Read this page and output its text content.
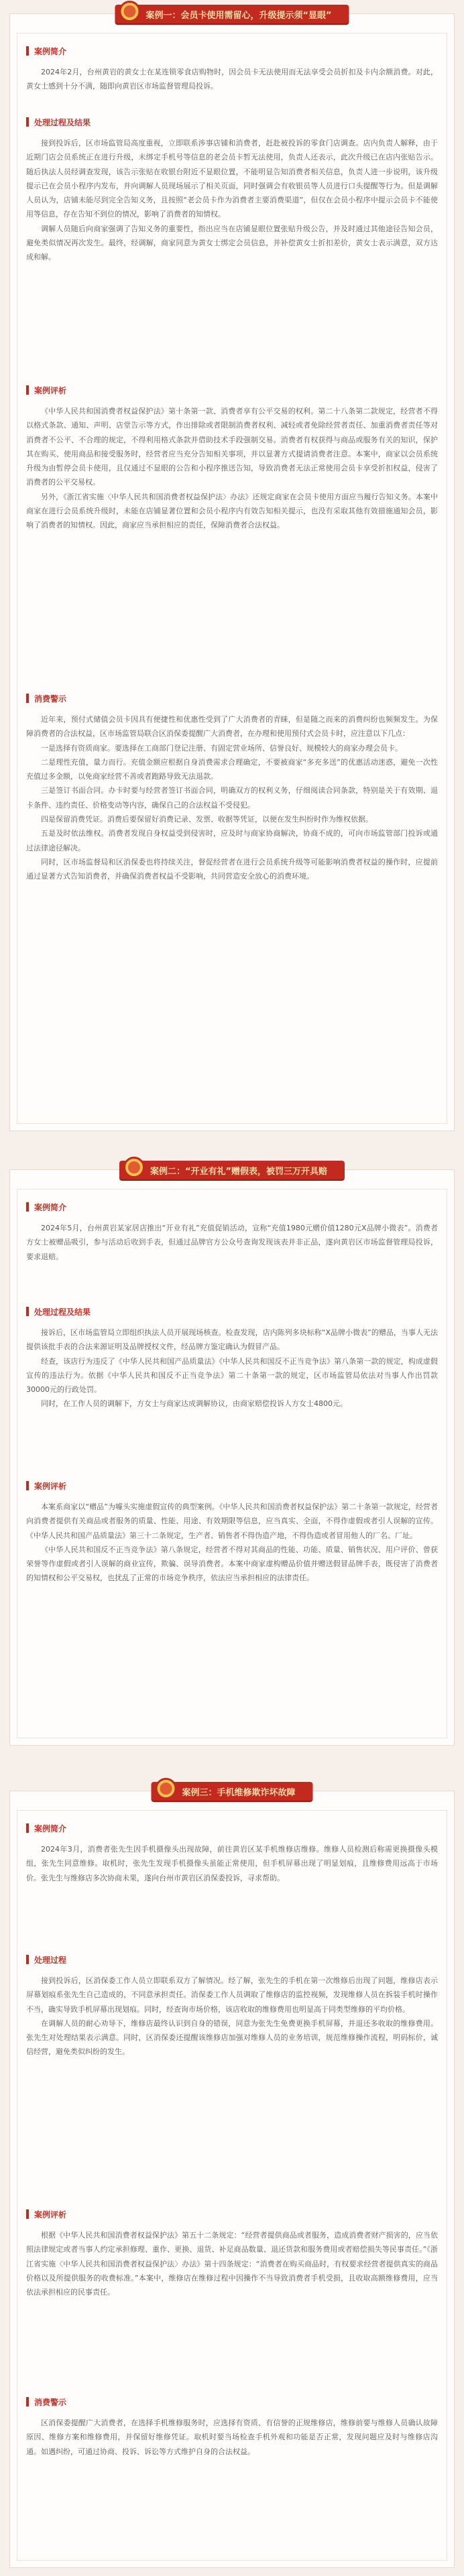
案例一：会员卡使用需留心，升级提示须“显眼”
案例简介

2024年2月，台州黄岩的黄女士在某连锁零食店购物时，因会员卡无法使用而无法享受会员折扣及卡内余额消费。对此，黄女士感到十分不满，随即向黄岩区市场监督管理局投诉。

处理过程及结果

接到投诉后，区市场监管局高度重视，立即联系涉事店铺和消费者，赶赴被投诉的零食门店调查。店内负责人解释，由于近期门店会员系统正在进行升级，未绑定手机号等信息的老会员卡暂无法使用，负责人还表示，此次升级已在店内张贴告示。随后执法人员经调查发现，该告示张贴在收银台附近不显眼位置，不能明显告知消费者相关信息，负责人进一步说明，该升级提示已在会员小程序内发布，并向调解人员现场展示了相关页面，同时强调会有收银员等人员进行口头提醒等行为。但是调解人员认为，店铺未能尽到完全告知义务，且按照“老会员卡作为消费者主要消费渠道”，但仅在会员小程序中提示会员卡不能使用等信息，存在告知不到位的情况，影响了消费者的知情权。

调解人员随后向商家强调了告知义务的重要性，指出应当在店铺显眼位置张贴升级公告，并及时通过其他途径告知会员，避免类似情况再次发生。最终，经调解，商家同意为黄女士绑定会员信息，并补偿黄女士折扣差价，黄女士表示满意，双方达成和解。

案例评析

《中华人民共和国消费者权益保护法》第十条第一款、消费者享有公平交易的权利。第二十八条第二款规定，经营者不得以格式条款、通知、声明、店堂告示等方式，作出排除或者限制消费者权利、减轻或者免除经营者责任、加重消费者责任等对消费者不公平、不合理的规定，不得利用格式条款并借助技术手段强制交易。消费者有权获得与商品或服务有关的知识，保护其在购买、使用商品和接受服务时，经营者应当充分告知相关事项，并以显著方式提请消费者注意。本案中，商家以会员系统升级为由暂停会员卡使用，且仅通过不显眼的公告和小程序推送告知，导致消费者无法正常使用会员卡享受折扣权益，侵害了消费者的公平交易权。

另外，《浙江省实施〈中华人民共和国消费者权益保护法〉办法》还规定商家在会员卡使用方面应当履行告知义务。本案中商家在进行会员系统升级时，未能在店铺显著位置和会员小程序内有效告知相关提示，也没有采取其他有效措施通知会员，影响了消费者的知情权。因此，商家应当承担相应的责任，保障消费者合法权益。

消费警示

近年来，预付式储值会员卡因具有便捷性和优惠性受到了广大消费者的青睐，但是随之而来的消费纠纷也频频发生。为保障消费者的合法权益，区市场监管局联合区消保委提醒广大消费者，在办理和使用预付式会员卡时，应注意以下几点：

一是选择有资质商家。要选择在工商部门登记注册、有固定营业场所、信誉良好、规模较大的商家办理会员卡。

二是理性充值，量力而行。充值金额应根据自身消费需求合理确定，不要被商家“多充多送”的优惠活动迷惑，避免一次性充值过多金额，以免商家经营不善或者跑路导致无法退款。

三是签订书面合同。办卡时要与经营者签订书面合同，明确双方的权利义务，仔细阅读合同条款，特别是关于有效期、退卡条件、违约责任、价格变动等内容，确保自己的合法权益不受侵犯。

四是保留消费凭证。消费后要保留好消费记录、发票、收据等凭证，以便在发生纠纷时作为维权依据。

五是及时依法维权。消费者发现自身权益受到侵害时，应及时与商家协商解决，协商不成的，可向市场监管部门投诉或通过法律途径解决。

同时，区市场监督局和区消保委也将持续关注，督促经营者在进行会员系统升级等可能影响消费者权益的操作时，应提前通过显著方式告知消费者，并确保消费者权益不受影响，共同营造安全放心的消费环境。

案例二：“开业有礼”赠假表，被罚三万开具赔
案例简介

2024年5月，台州黄岩某家居店推出“开业有礼”充值促销活动，宣称“充值1980元赠价值1280元X品牌小微表”。消费者方女士被赠品吸引，参与活动后收到手表，但通过品牌官方公众号查询发现该表并非正品，遂向黄岩区市场监督管理局投诉，要求退赔。

处理过程及结果

接诉后，区市场监管局立即组织执法人员开展现场核查。检查发现，店内陈列多块标称“X品牌小微表”的赠品，当事人无法提供该批手表的合法来源证明及品牌授权文件，经品牌方鉴定确认为假冒产品。

经查，该店行为违反了《中华人民共和国产品质量法》《中华人民共和国反不正当竞争法》第八条第一款的规定，构成虚假宣传的违法行为。依据《中华人民共和国反不正当竞争法》第二十条第一款的规定，区市场监管局依法对当事人作出罚款30000元的行政处罚。

同时，在工作人员的调解下，方女士与商家达成调解协议，由商家赔偿投诉人方女士4800元。

案例评析

本案系商家以“赠品”为噱头实施虚假宣传的典型案例。《中华人民共和国消费者权益保护法》第二十条第一款规定，经营者向消费者提供有关商品或者服务的质量、性能、用途、有效期限等信息，应当真实、全面，不得作虚假或者引人误解的宣传。《中华人民共和国产品质量法》第三十二条规定，生产者、销售者不得伪造产地，不得伪造或者冒用他人的厂名、厂址。

《中华人民共和国反不正当竞争法》第八条规定，经营者不得对其商品的性能、功能、质量、销售状况、用户评价、曾获荣誉等作虚假或者引人误解的商业宣传，欺骗、误导消费者。本案中商家虚构赠品价值并赠送假冒品牌手表，既侵害了消费者的知情权和公平交易权，也扰乱了正常的市场竞争秩序，依法应当承担相应的法律责任。

案例三：手机维修欺诈坏故障
案例简介

2024年3月，消费者张先生因手机摄像头出现故障，前往黄岩区某手机维修店维修。维修人员检测后称需更换摄像头模组，张先生同意维修。取机时，张先生发现手机摄像头虽能正常使用，但手机屏幕出现了明显划痕，且维修费用远高于市场价。张先生与维修店多次协商未果，遂向台州市黄岩区消保委投诉，寻求帮助。

处理过程

接到投诉后，区消保委工作人员立即联系双方了解情况。经了解，张先生的手机在第一次维修后出现了问题，维修店表示屏幕划痕系张先生自己造成的，不同意承担责任。消保委工作人员调取了维修店的监控视频，发现维修人员在拆装手机时操作不当，确实导致手机屏幕出现划痕。同时，经查询市场价格，该店收取的维修费用也明显高于同类型维修的平均价格。

在调解人员的耐心劝导下，维修店最终认识到自身的错误，同意为张先生免费更换手机屏幕，并退还多收取的维修费用。张先生对处理结果表示满意。同时，区消保委还提醒该维修店加强对维修人员的业务培训，规范维修操作流程，明码标价，诚信经营，避免类似纠纷的发生。

案例评析

根据《中华人民共和国消费者权益保护法》第五十二条规定：“经营者提供商品或者服务，造成消费者财产损害的，应当依照法律规定或者当事人约定承担修理、重作、更换、退货、补足商品数量、退还货款和服务费用或者赔偿损失等民事责任。”《浙江省实施〈中华人民共和国消费者权益保护法〉办法》第十四条规定：“消费者在购买商品时，有权要求经营者提供真实的商品价格以及所提供服务的收费标准。”本案中，维修店在维修过程中因操作不当导致消费者手机受损，且收取高额维修费用，应当依法承担相应的民事责任。

消费警示

区消保委提醒广大消费者，在选择手机维修服务时，应选择有资质、有信誉的正规维修店，维修前要与维修人员确认故障原因、维修方案和维修费用，并保留好维修凭证。取机时要当场检查手机外观和功能是否正常，发现问题应及时与维修店沟通。如遇纠纷，可通过协商、投诉、诉讼等方式维护自身的合法权益。
